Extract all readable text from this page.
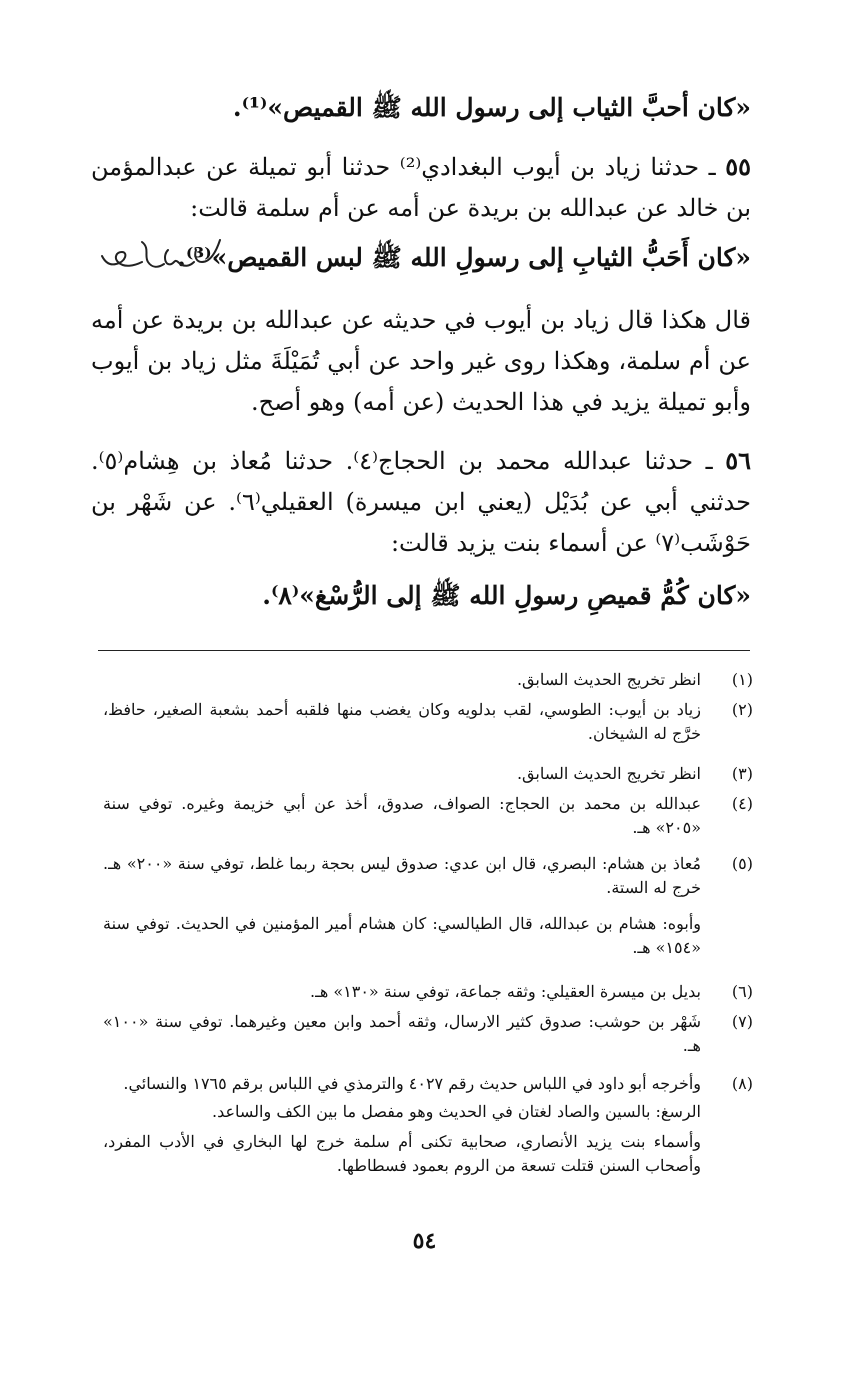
«كان أحبَّ الثياب إلى رسول الله ﷺ القميص»⁽¹⁾.
٥٥ ـ حدثنا زياد بن أيوب البغدادي⁽²⁾ حدثنا أبو تميلة عن عبدالمؤمن بن خالد عن عبدالله بن بريدة عن أمه عن أم سلمة قالت:
«كان أَحَبُّ الثيابِ إلى رسولِ الله ﷺ لبس القميص»⁽³⁾.
قال هكذا قال زياد بن أيوب في حديثه عن عبدالله بن بريدة عن أمه عن أم سلمة، وهكذا روى غير واحد عن أبي تُمَيْلَةَ مثل زياد بن أيوب وأبو تميلة يزيد في هذا الحديث (عن أمه) وهو أصح.
٥٦ ـ حدثنا عبدالله محمد بن الحجاج⁽٤⁾. حدثنا مُعاذ بن هِشام⁽٥⁾. حدثني أبي عن بُدَيْل (يعني ابن ميسرة) العقيلي⁽٦⁾. عن شَهْر بن حَوْشَب⁽٧⁾ عن أسماء بنت يزيد قالت:
«كان كُمُّ قميصِ رسولِ الله ﷺ إلى الرُّسْغ»⁽٨⁾.
(١)
انظر تخريج الحديث السابق.
(٢)
زياد بن أيوب: الطوسي، لقب بدلويه وكان يغضب منها فلقبه أحمد بشعبة الصغير، حافظ، خرَّج له الشيخان.
(٣)
انظر تخريج الحديث السابق.
(٤)
عبدالله بن محمد بن الحجاج: الصواف، صدوق، أخذ عن أبي خزيمة وغيره. توفي سنة «٢٠٥» هـ.
(٥)
مُعاذ بن هشام: البصري، قال ابن عدي: صدوق ليس بحجة ربما غلط، توفي سنة «٢٠٠» هـ. خرج له الستة.
وأبوه: هشام بن عبدالله، قال الطيالسي: كان هشام أمير المؤمنين في الحديث. توفي سنة «١٥٤» هـ.
(٦)
بديل بن ميسرة العقيلي: وثقه جماعة، توفي سنة «١٣٠» هـ.
(٧)
شَهْر بن حوشب: صدوق كثير الارسال، وثقه أحمد وابن معين وغيرهما. توفي سنة «١٠٠» هـ.
(٨)
وأخرجه أبو داود في اللباس حديث رقم ٤٠٢٧ والترمذي في اللباس برقم ١٧٦٥ والنسائي.
الرسغ: بالسين والصاد لغتان في الحديث وهو مفصل ما بين الكف والساعد.
وأسماء بنت يزيد الأنصاري، صحابية تكنى أم سلمة خرج لها البخاري في الأدب المفرد، وأصحاب السنن قتلت تسعة من الروم بعمود فسطاطها.
٥٤
